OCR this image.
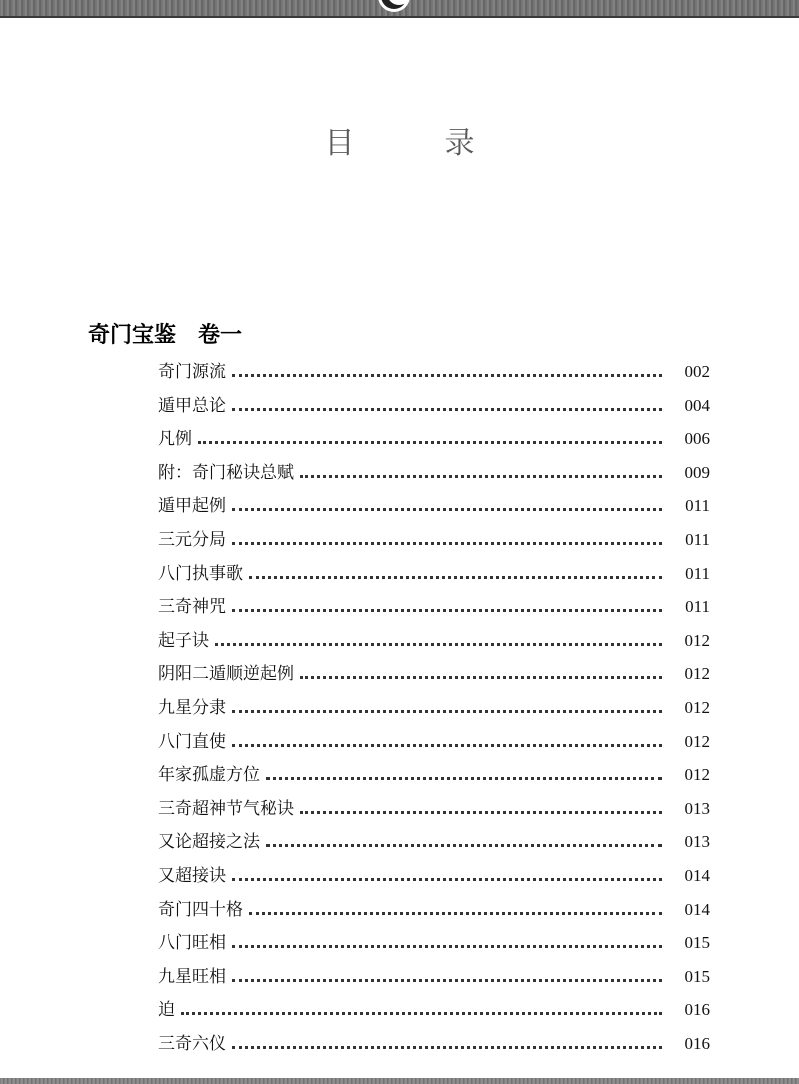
目　录
奇门宝鉴　卷一
奇门源流	002
遁甲总论	004
凡例	006
附：奇门秘诀总赋	009
遁甲起例	011
三元分局	011
八门执事歌	011
三奇神咒	011
起子诀	012
阴阳二遁顺逆起例	012
九星分隶	012
八门直使	012
年家孤虚方位	012
三奇超神节气秘诀	013
又论超接之法	013
又超接诀	014
奇门四十格	014
八门旺相	015
九星旺相	015
迫	016
三奇六仪	016
